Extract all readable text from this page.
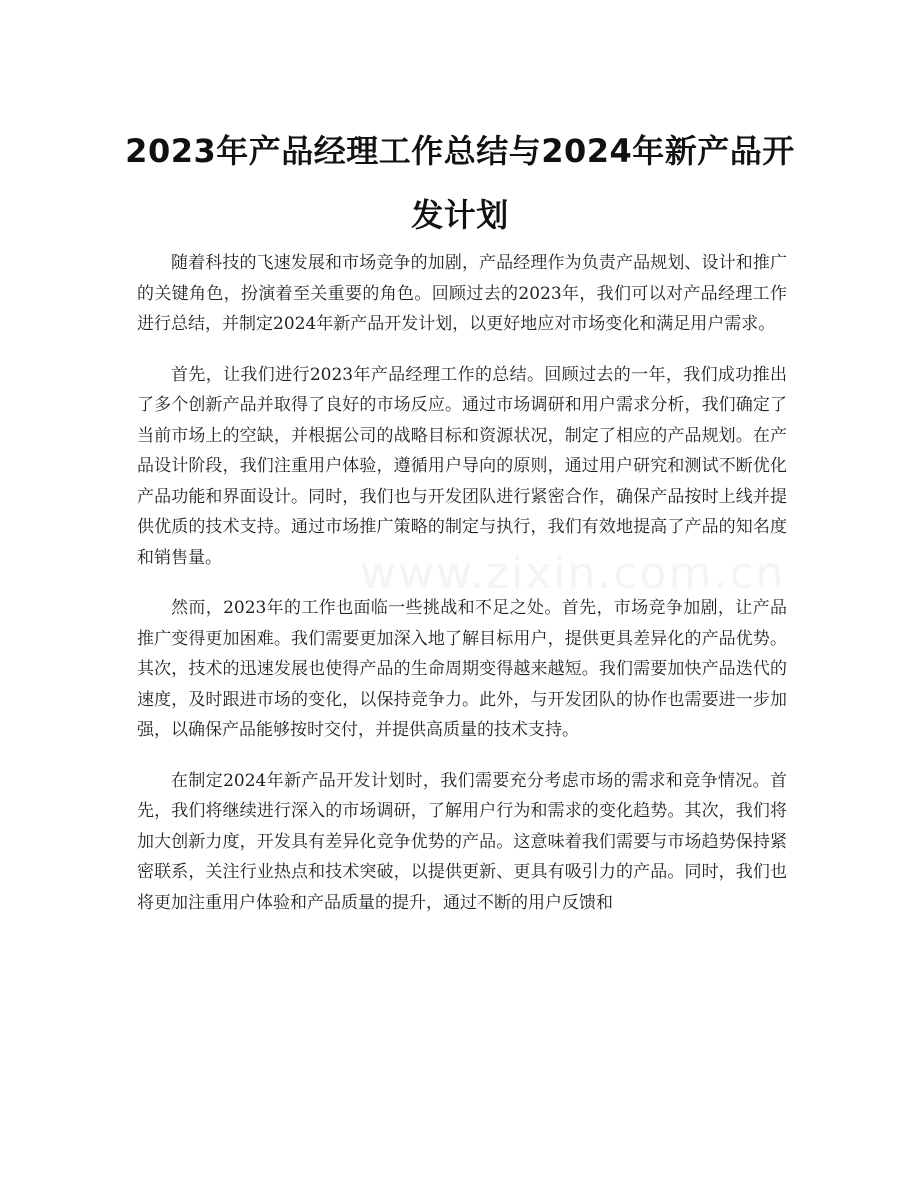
2023年产品经理工作总结与2024年新产品开发计划
www.zixin.com.cn

随着科技的飞速发展和市场竞争的加剧，产品经理作为负责产品规划、设计和推广的关键角色，扮演着至关重要的角色。回顾过去的2023年，我们可以对产品经理工作进行总结，并制定2024年新产品开发计划，以更好地应对市场变化和满足用户需求。

首先，让我们进行2023年产品经理工作的总结。回顾过去的一年，我们成功推出了多个创新产品并取得了良好的市场反应。通过市场调研和用户需求分析，我们确定了当前市场上的空缺，并根据公司的战略目标和资源状况，制定了相应的产品规划。在产品设计阶段，我们注重用户体验，遵循用户导向的原则，通过用户研究和测试不断优化产品功能和界面设计。同时，我们也与开发团队进行紧密合作，确保产品按时上线并提供优质的技术支持。通过市场推广策略的制定与执行，我们有效地提高了产品的知名度和销售量。

然而，2023年的工作也面临一些挑战和不足之处。首先，市场竞争加剧，让产品推广变得更加困难。我们需要更加深入地了解目标用户，提供更具差异化的产品优势。其次，技术的迅速发展也使得产品的生命周期变得越来越短。我们需要加快产品迭代的速度，及时跟进市场的变化，以保持竞争力。此外，与开发团队的协作也需要进一步加强，以确保产品能够按时交付，并提供高质量的技术支持。

在制定2024年新产品开发计划时，我们需要充分考虑市场的需求和竞争情况。首先，我们将继续进行深入的市场调研，了解用户行为和需求的变化趋势。其次，我们将加大创新力度，开发具有差异化竞争优势的产品。这意味着我们需要与市场趋势保持紧密联系，关注行业热点和技术突破，以提供更新、更具有吸引力的产品。同时，我们也将更加注重用户体验和产品质量的提升，通过不断的用户反馈和
